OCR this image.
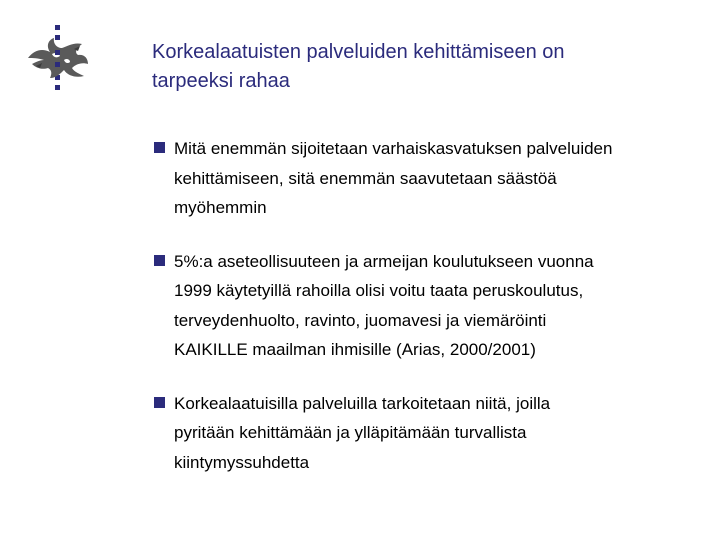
Korkealaatuisten palveluiden kehittämiseen on
tarpeeksi rahaa
Mitä enemmän sijoitetaan varhaiskasvatuksen palveluiden
kehittämiseen, sitä enemmän saavutetaan säästöä
myöhemmin
5%:a aseteollisuuteen ja armeijan koulutukseen vuonna
1999 käytetyillä rahoilla olisi voitu taata peruskoulutus,
terveydenhuolto, ravinto, juomavesi ja viemäröinti
KAIKILLE maailman ihmisille (Arias, 2000/2001)
Korkealaatuisilla palveluilla tarkoitetaan niitä, joilla
pyritään kehittämään ja ylläpitämään turvallista
kiintymyssuhdetta
